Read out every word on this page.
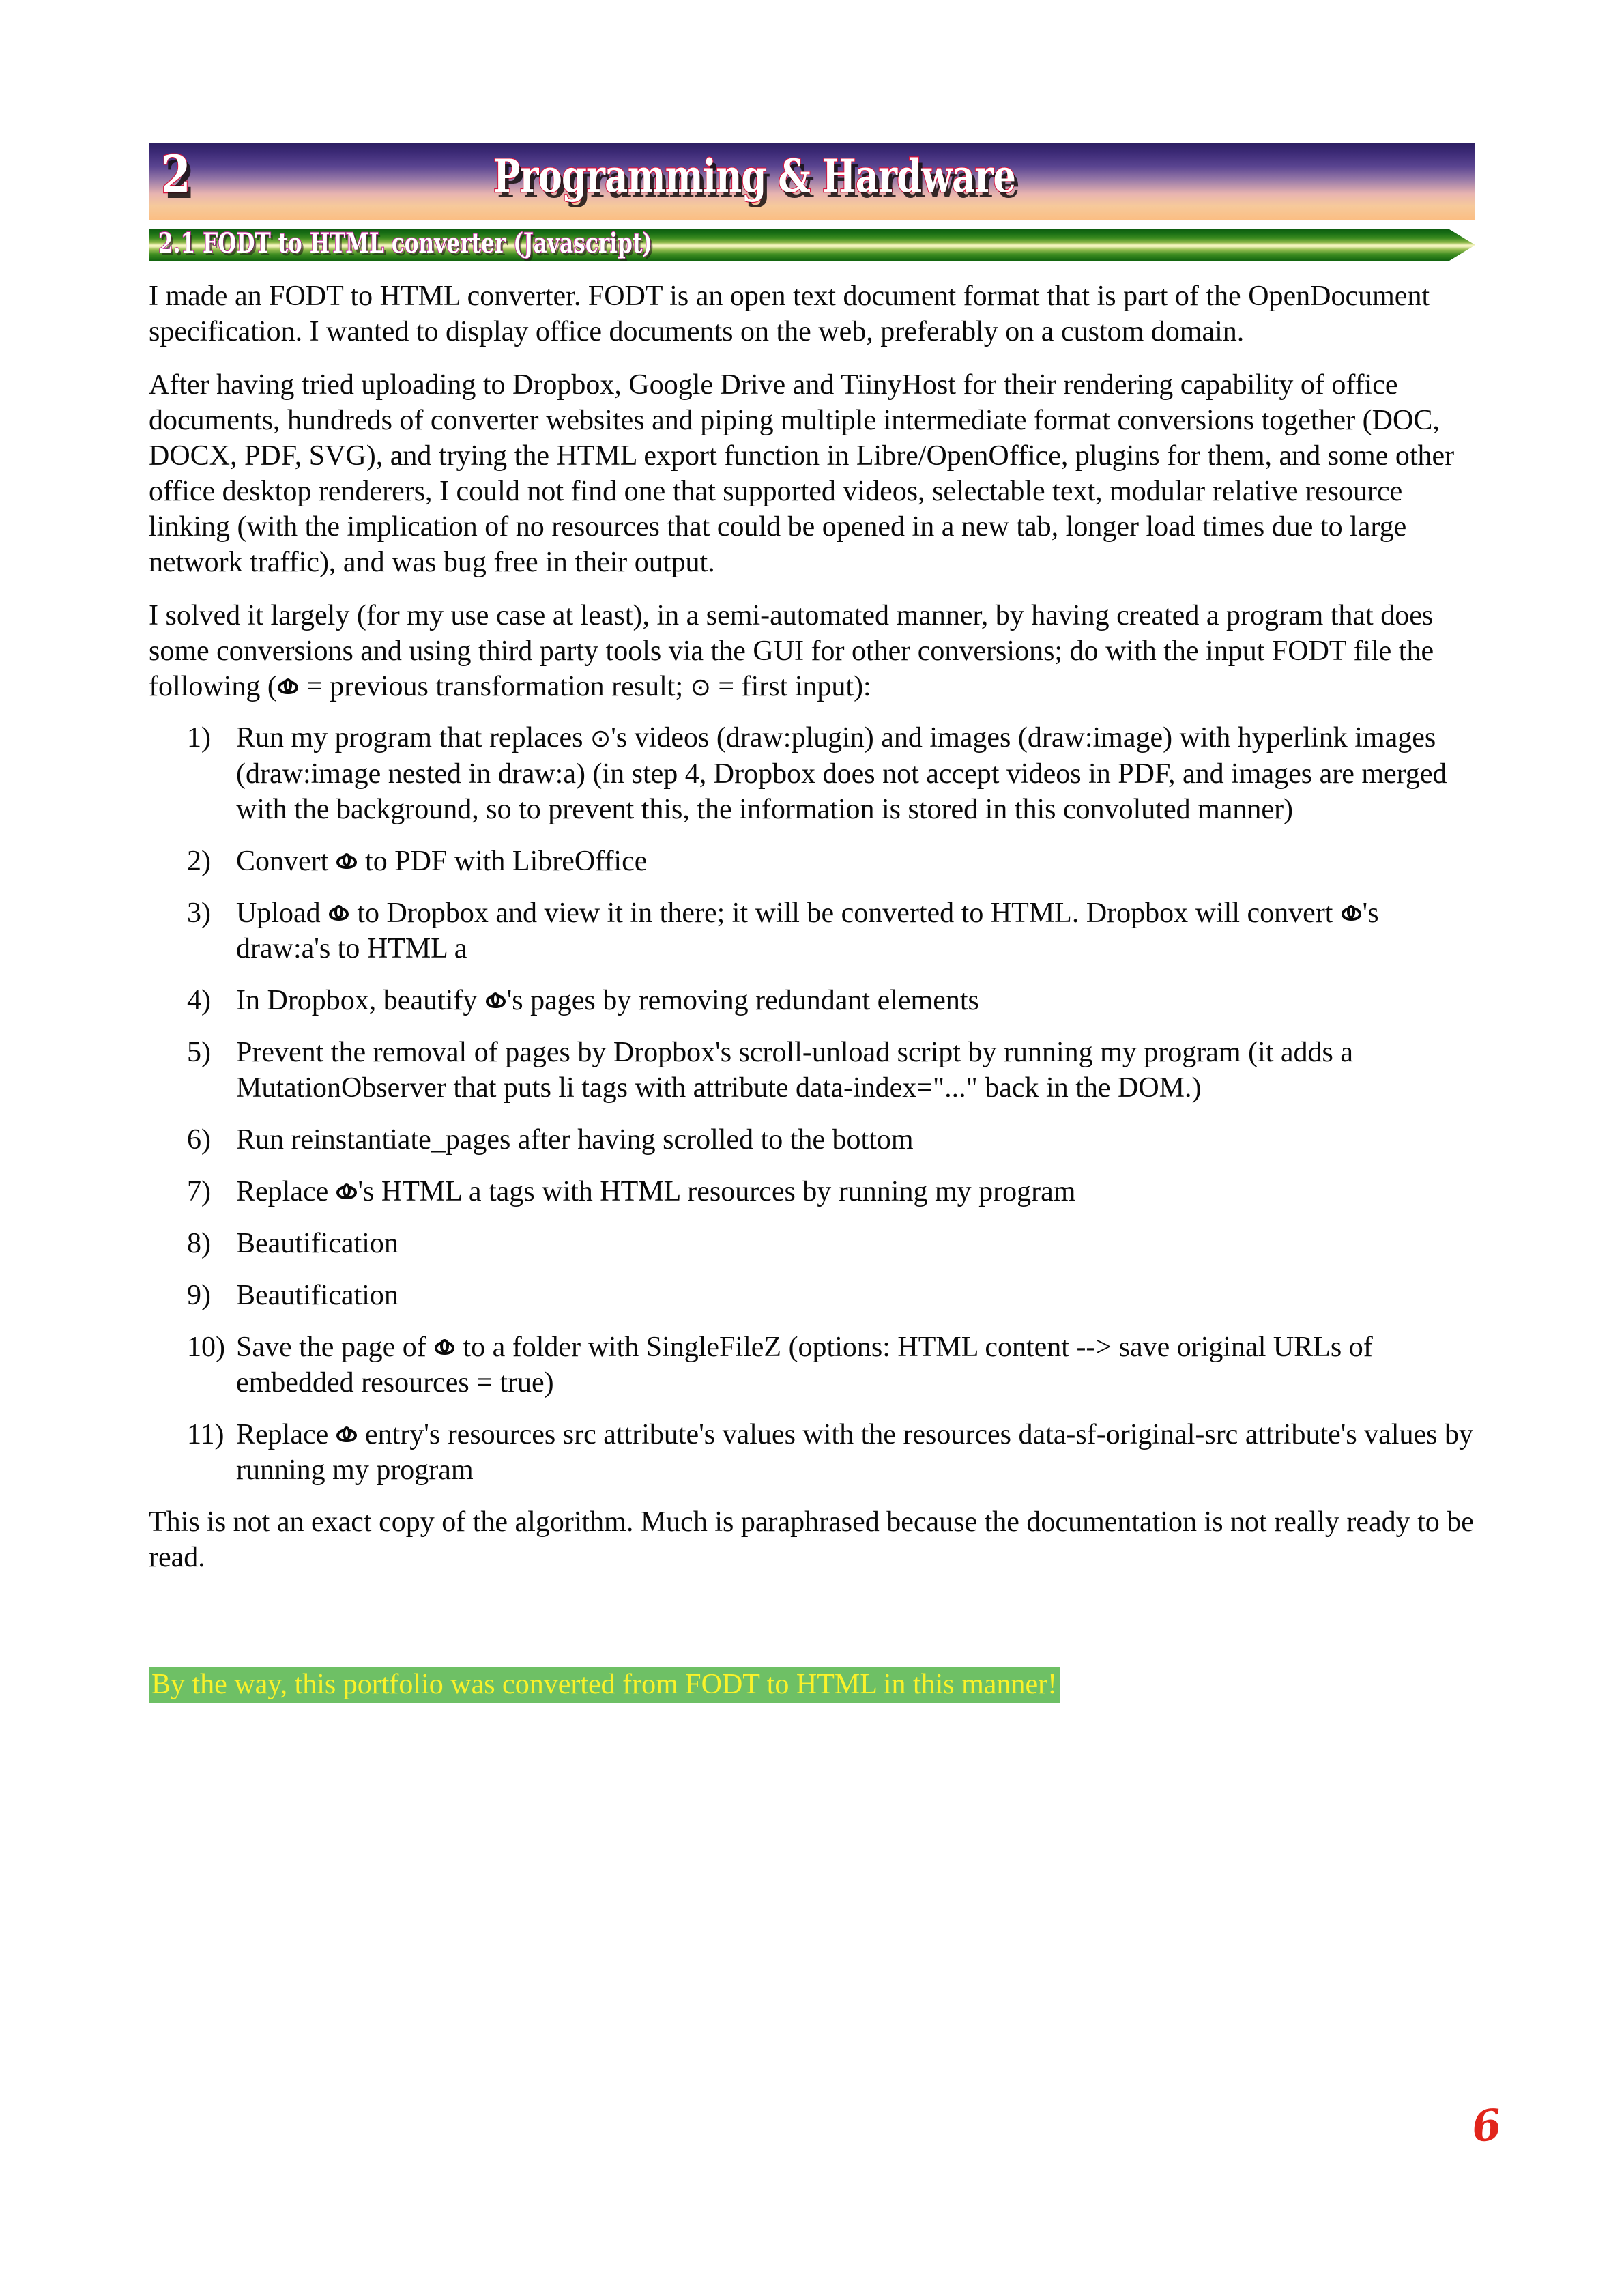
2	Programming & Hardware
2.1 FODT to HTML converter (Javascript)

I made an FODT to HTML converter. FODT is an open text document format that is part of the OpenDocument specification. I wanted to display office documents on the web, preferably on a custom domain.

After having tried uploading to Dropbox, Google Drive and TiinyHost for their rendering capability of office documents, hundreds of converter websites and piping multiple intermediate format conversions together (DOC, DOCX, PDF, SVG), and trying the HTML export function in Libre/OpenOffice, plugins for them, and some other office desktop renderers, I could not find one that supported videos, selectable text, modular relative resource linking (with the implication of no resources that could be opened in a new tab, longer load times due to large network traffic), and was bug free in their output.

I solved it largely (for my use case at least), in a semi-automated manner, by having created a program that does some conversions and using third party tools via the GUI for other conversions; do with the input FODT file the following ( = previous transformation result; ⊙ = first input):

1) Run my program that replaces ⊙'s videos (draw:plugin) and images (draw:image) with hyperlink images (draw:image nested in draw:a) (in step 4, Dropbox does not accept videos in PDF, and images are merged with the background, so to prevent this, the information is stored in this convoluted manner)
2) Convert  to PDF with LibreOffice
3) Upload  to Dropbox and view it in there; it will be converted to HTML. Dropbox will convert 's draw:a's to HTML a
4) In Dropbox, beautify 's pages by removing redundant elements
5) Prevent the removal of pages by Dropbox's scroll-unload script by running my program (it adds a MutationObserver that puts li tags with attribute data-index="..." back in the DOM.)
6) Run reinstantiate_pages after having scrolled to the bottom
7) Replace 's HTML a tags with HTML resources by running my program
8) Beautification
9) Beautification
10) Save the page of  to a folder with SingleFileZ (options: HTML content --> save original URLs of embedded resources = true)
11) Replace  entry's resources src attribute's values with the resources data-sf-original-src attribute's values by running my program

This is not an exact copy of the algorithm. Much is paraphrased because the documentation is not really ready to be read.

By the way, this portfolio was converted from FODT to HTML in this manner!
6
